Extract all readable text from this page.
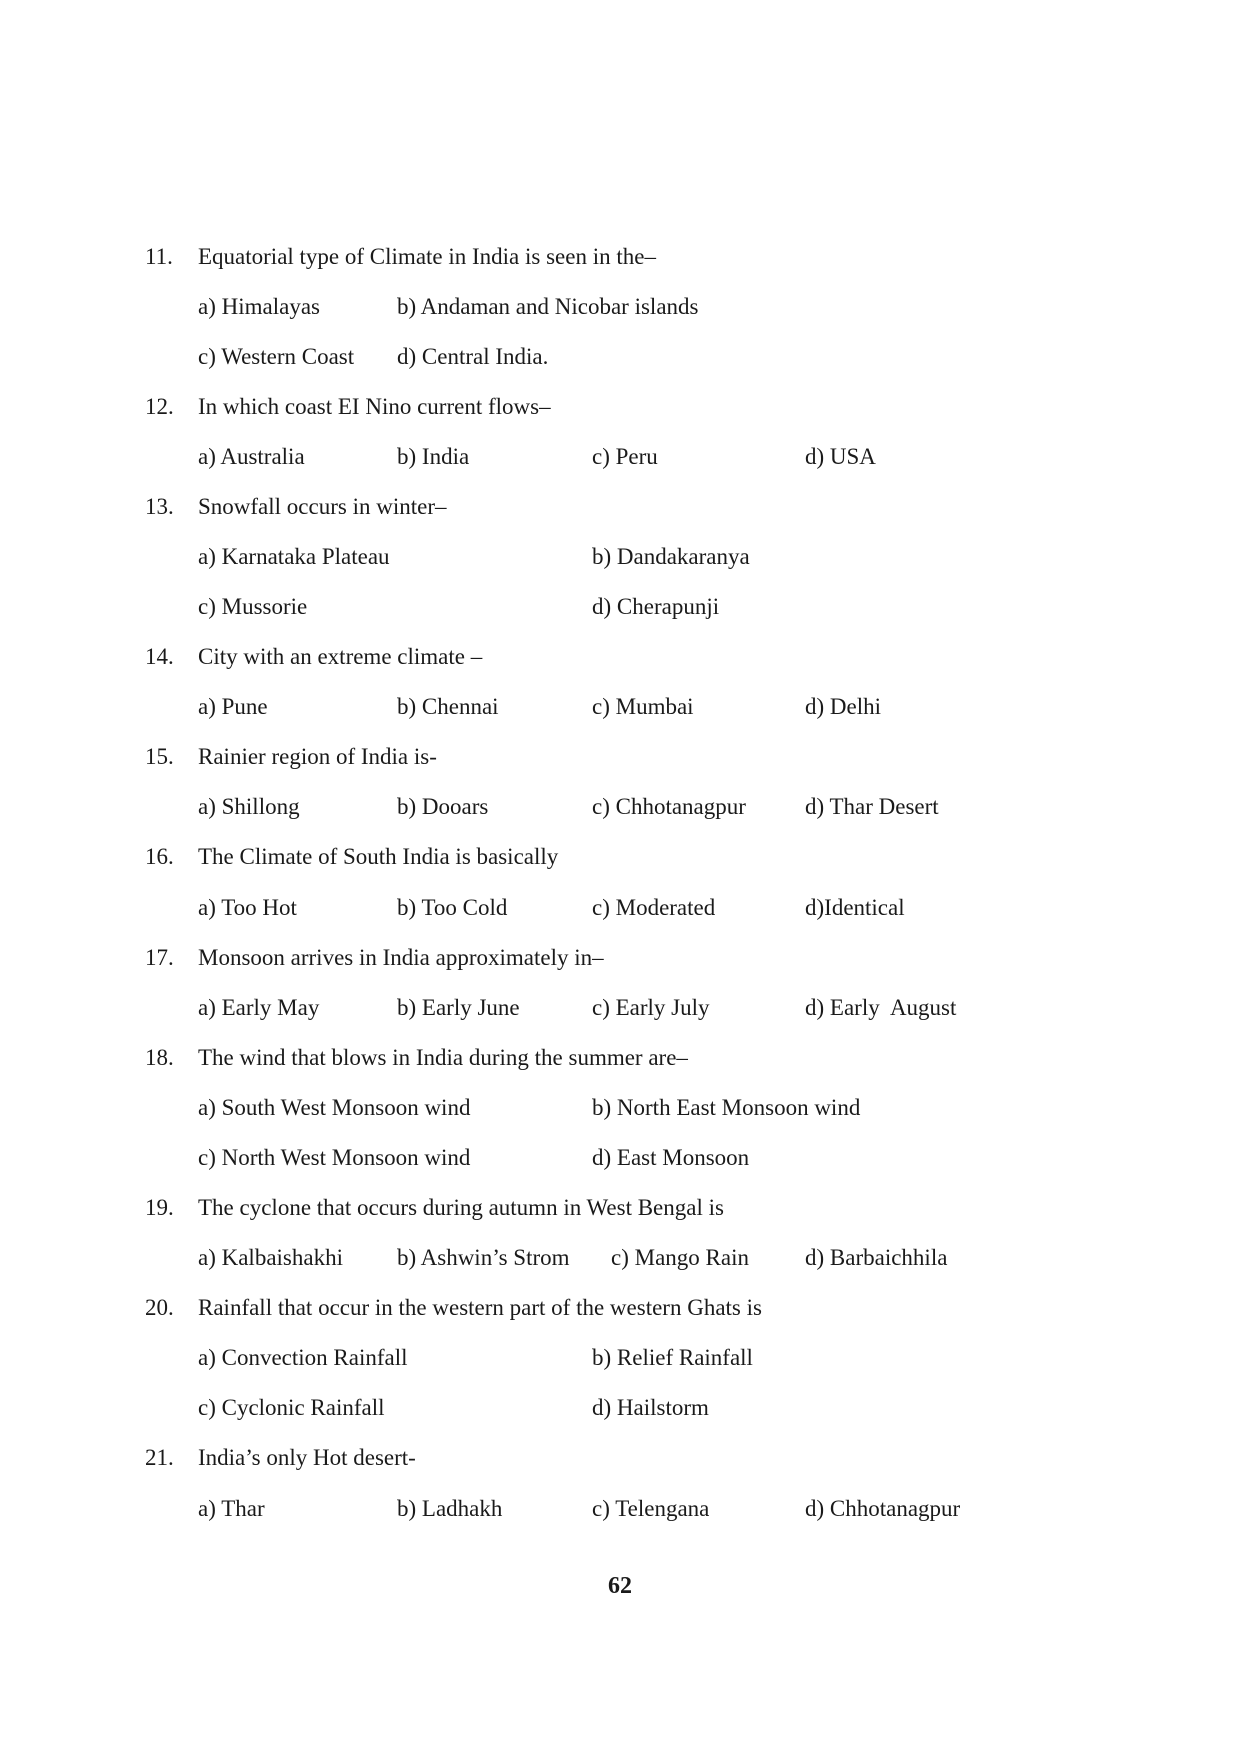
11. Equatorial type of Climate in India is seen in the–
a) Himalayas	b) Andaman and Nicobar islands
c) Western Coast d) Central India.
12. In which coast EI Nino current flows–
a) Australia	b) India	c) Peru	d) USA
13. Snowfall occurs in winter–
a) Karnataka Plateau	b) Dandakaranya
c) Mussorie	d) Cherapunji
14. City with an extreme climate –
a) Pune	b) Chennai	c) Mumbai	d) Delhi
15. Rainier region of India is-
a) Shillong	b) Dooars	c) Chhotanagpur	d) Thar Desert
16. The Climate of South India is basically
a) Too Hot	b) Too Cold	c) Moderated	d)Identical
17. Monsoon arrives in India approximately in–
a) Early May	b) Early June	c) Early July	d) Early  August
18. The wind that blows in India during the summer are–
a) South West Monsoon wind	b) North East Monsoon wind
c) North West Monsoon wind	d) East Monsoon
19. The cyclone that occurs during autumn in West Bengal is
a) Kalbaishakhi b) Ashwin’s Strom c) Mango Rain d) Barbaichhila
20. Rainfall that occur in the western part of the western Ghats is
a) Convection Rainfall	b) Relief Rainfall
c) Cyclonic Rainfall	d) Hailstorm
21. India’s only Hot desert-
a) Thar	b) Ladhakh	c) Telengana	d) Chhotanagpur
62
